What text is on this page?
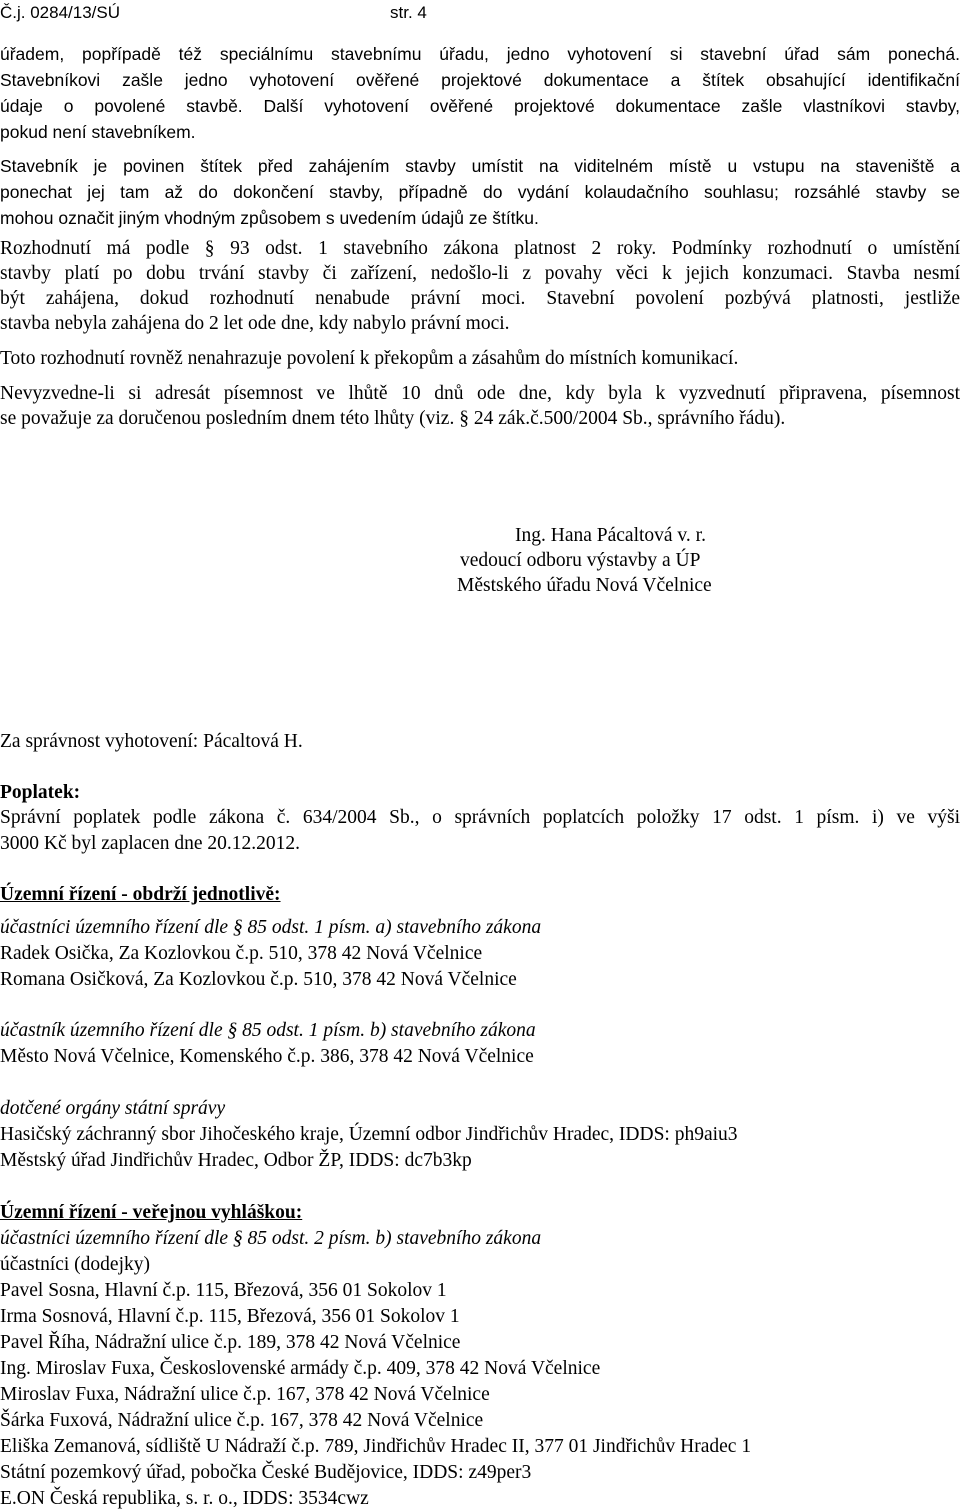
Č.j. 0284/13/SÚ	str. 4
úřadem, popřípadě též speciálnímu stavebnímu úřadu, jedno vyhotovení si stavební úřad sám ponechá.
Stavebníkovi zašle jedno vyhotovení ověřené projektové dokumentace a štítek obsahující identifikační
údaje o povolené stavbě. Další vyhotovení ověřené projektové dokumentace zašle vlastníkovi stavby,
pokud není stavebníkem.
Stavebník je povinen štítek před zahájením stavby umístit na viditelném místě u vstupu na staveniště a
ponechat jej tam až do dokončení stavby, případně do vydání kolaudačního souhlasu; rozsáhlé stavby se
mohou označit jiným vhodným způsobem s uvedením údajů ze štítku.
Rozhodnutí má podle § 93 odst. 1 stavebního zákona platnost 2 roky. Podmínky rozhodnutí o umístění
stavby platí po dobu trvání stavby či zařízení, nedošlo-li z povahy věci k jejich konzumaci. Stavba nesmí
být zahájena, dokud rozhodnutí nenabude právní moci. Stavební povolení pozbývá platnosti, jestliže
stavba nebyla zahájena do 2 let ode dne, kdy nabylo právní moci.
Toto rozhodnutí rovněž nenahrazuje povolení k překopům a zásahům do místních komunikací.
Nevyzvedne-li si adresát písemnost ve lhůtě 10 dnů ode dne, kdy byla k vyzvednutí připravena, písemnost
se považuje za doručenou posledním dnem této lhůty (viz. § 24 zák.č.500/2004 Sb., správního řádu).
Ing. Hana Pácaltová v. r.
vedoucí odboru výstavby a ÚP
Městského úřadu Nová Včelnice
Za správnost vyhotovení: Pácaltová H.
Poplatek:
Správní poplatek podle zákona č. 634/2004 Sb., o správních poplatcích položky 17 odst. 1 písm. i) ve výši
3000 Kč byl zaplacen dne 20.12.2012.
Územní řízení - obdrží jednotlivě:
účastníci územního řízení dle § 85 odst. 1 písm. a) stavebního zákona
Radek Osička, Za Kozlovkou č.p. 510, 378 42 Nová Včelnice
Romana Osičková, Za Kozlovkou č.p. 510, 378 42 Nová Včelnice
účastník územního řízení dle § 85 odst. 1 písm. b) stavebního zákona
Město Nová Včelnice, Komenského č.p. 386, 378 42 Nová Včelnice
dotčené orgány státní správy
Hasičský záchranný sbor Jihočeského kraje, Územní odbor Jindřichův Hradec, IDDS: ph9aiu3
Městský úřad Jindřichův Hradec, Odbor ŽP, IDDS: dc7b3kp
Územní řízení - veřejnou vyhláškou:
účastníci územního řízení dle § 85 odst. 2 písm. b) stavebního zákona
účastníci (dodejky)
Pavel Sosna, Hlavní č.p. 115, Březová, 356 01 Sokolov 1
Irma Sosnová, Hlavní č.p. 115, Březová, 356 01 Sokolov 1
Pavel Říha, Nádražní ulice č.p. 189, 378 42 Nová Včelnice
Ing. Miroslav Fuxa, Československé armády č.p. 409, 378 42 Nová Včelnice
Miroslav Fuxa, Nádražní ulice č.p. 167, 378 42 Nová Včelnice
Šárka Fuxová, Nádražní ulice č.p. 167, 378 42 Nová Včelnice
Eliška Zemanová, sídliště U Nádraží č.p. 789, Jindřichův Hradec II, 377 01 Jindřichův Hradec 1
Státní pozemkový úřad, pobočka České Budějovice, IDDS: z49per3
E.ON Česká republika, s. r. o., IDDS: 3534cwz
